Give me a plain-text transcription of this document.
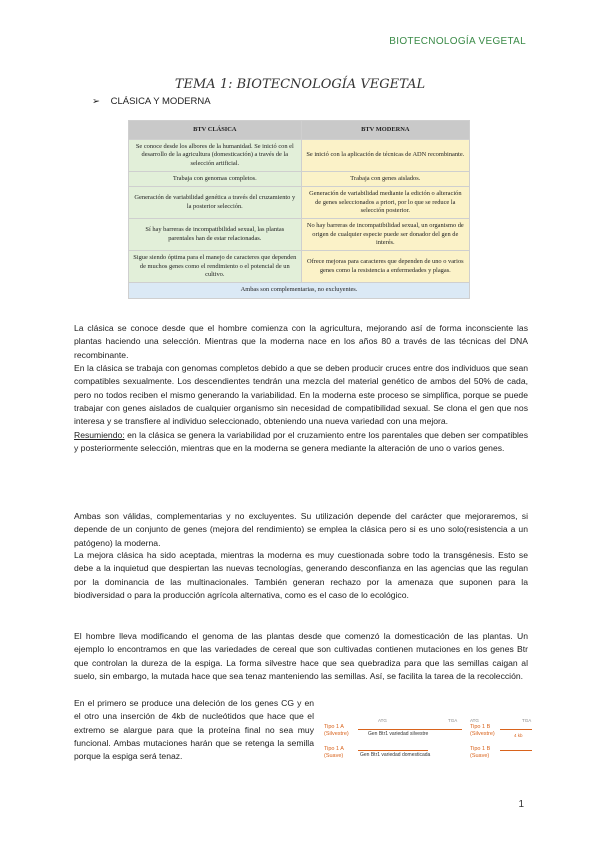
BIOTECNOLOGÍA VEGETAL
TEMA 1: BIOTECNOLOGÍA VEGETAL
➢ CLÁSICA Y MODERNA
BTV CLÁSICA	BTV MODERNA
Se conoce desde los albores de la humanidad. Se inició con el desarrollo de la agricultura (domesticación) a través de la selección artificial.	Se inició con la aplicación de técnicas de ADN recombinante.
Trabaja con genomas completos.	Trabaja con genes aislados.
Generación de variabilidad genética a través del cruzamiento y la posterior selección.	Generación de variabilidad mediante la edición o alteración de genes seleccionados a priori, por lo que se reduce la selección posterior.
Sí hay barreras de incompatibilidad sexual, las plantas parentales han de estar relacionadas.	No hay barreras de incompatibilidad sexual, un organismo de origen de cualquier especie puede ser donador del gen de interés.
Sigue siendo óptima para el manejo de caracteres que dependen de muchos genes como el rendimiento o el potencial de un cultivo.	Ofrece mejoras para caracteres que dependen de uno o varios genes como la resistencia a enfermedades y plagas.
Ambas son complementarias, no excluyentes.	
La clásica se conoce desde que el hombre comienza con la agricultura, mejorando así de forma inconsciente las plantas haciendo una selección. Mientras que la moderna nace en los años 80 a través de las técnicas del DNA recombinante.
En la clásica se trabaja con genomas completos debido a que se deben producir cruces entre dos individuos que sean compatibles sexualmente. Los descendientes tendrán una mezcla del material genético de ambos del 50% de cada, pero no todos reciben el mismo generando la variabilidad. En la moderna este proceso se simplifica, porque se puede trabajar con genes aislados de cualquier organismo sin necesidad de compatibilidad sexual. Se clona el gen que nos interesa y se transfiere al individuo seleccionado, obteniendo una nueva variedad con una mejora.
Resumiendo: en la clásica se genera la variabilidad por el cruzamiento entre los parentales que deben ser compatibles y posteriormente selección, mientras que en la moderna se genera mediante la alteración de uno o varios genes.
Ambas son válidas, complementarias y no excluyentes. Su utilización depende del carácter que mejoraremos, si depende de un conjunto de genes (mejora del rendimiento) se emplea la clásica pero si es uno solo(resistencia a un patógeno) la moderna.
La mejora clásica ha sido aceptada, mientras la moderna es muy cuestionada sobre todo la transgénesis. Esto se debe a la inquietud que despiertan las nuevas tecnologías, generando desconfianza en las agencias que las regulan por la dominancia de las multinacionales. También generan rechazo por la amenaza que suponen para la biodiversidad o para la producción agrícola alternativa, como es el caso de lo ecológico.
El hombre lleva modificando el genoma de las plantas desde que comenzó la domesticación de las plantas. Un ejemplo lo encontramos en que las variedades de cereal que son cultivadas contienen mutaciones en los genes Btr que controlan la dureza de la espiga. La forma silvestre hace que sea quebradiza para que las semillas caigan al suelo, sin embargo, la mutada hace que sea tenaz manteniendo las semillas. Así, se facilita la tarea de la recolección.
En el primero se produce una deleción de los genes CG y en el otro una inserción de 4kb de nucleótidos que hace que el extremo se alargue para que la proteína final no sea muy funcional. Ambas mutaciones harán que se retenga la semilla porque la espiga será tenaz.
ATG	TGA
Tipo 1 A (Silvestre)	Gen Btr1 variedad silvestre
Tipo 1 A (Suave)	Gen Btr1 variedad domesticada
ATG	TGA
Tipo 1 B (Silvestre)	4 kb
Tipo 1 B (Suave)
1
